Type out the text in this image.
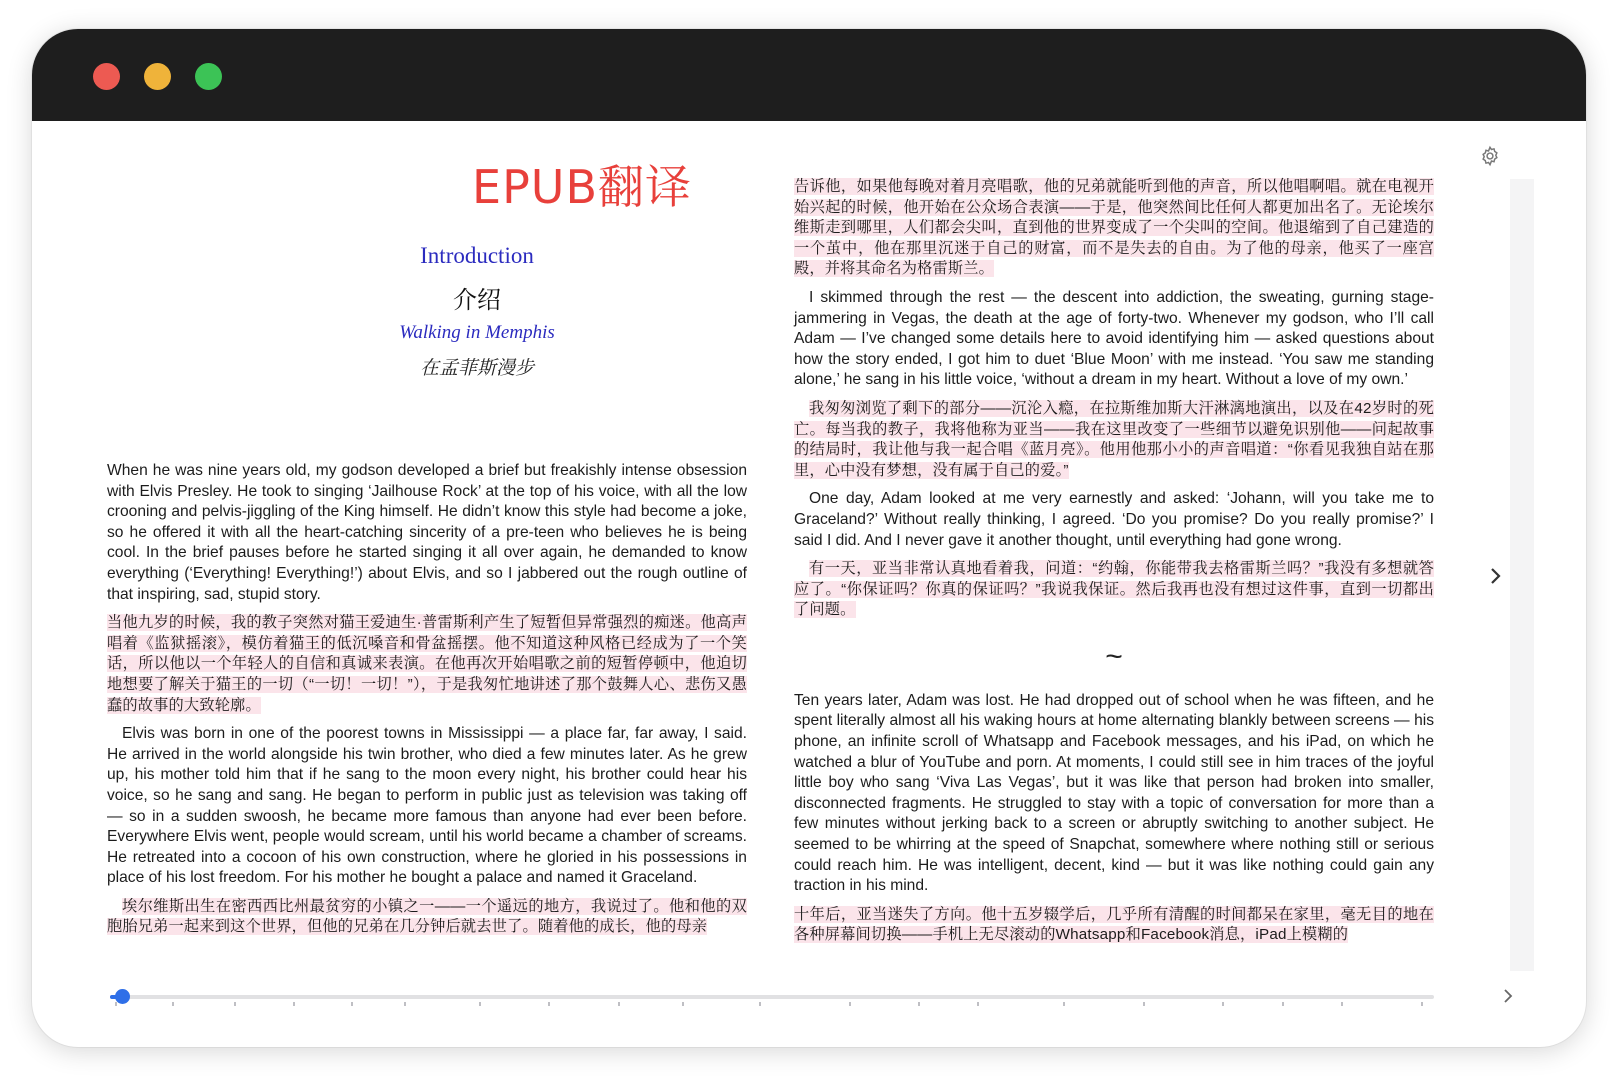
EPUB翻译
Introduction
介绍
Walking in Memphis
在孟菲斯漫步

When he was nine years old, my godson developed a brief but freakishly intense obsession with Elvis Presley. He took to singing ‘Jailhouse Rock’ at the top of his voice, with all the low crooning and pelvis-jiggling of the King himself. He didn’t know this style had become a joke, so he offered it with all the heart-catching sincerity of a pre-teen who believes he is being cool. In the brief pauses before he started singing it all over again, he demanded to know everything (‘Everything! Everything!’) about Elvis, and so I jabbered out the rough outline of that inspiring, sad, stupid story.

当他九岁的时候，我的教子突然对猫王爱迪生·普雷斯利产生了短暂但异常强烈的痴迷。他高声唱着《监狱摇滚》，模仿着猫王的低沉嗓音和骨盆摇摆。他不知道这种风格已经成为了一个笑话，所以他以一个年轻人的自信和真诚来表演。在他再次开始唱歌之前的短暂停顿中，他迫切地想要了解关于猫王的一切（“一切！一切！”），于是我匆忙地讲述了那个鼓舞人心、悲伤又愚蠢的故事的大致轮廓。

Elvis was born in one of the poorest towns in Mississippi — a place far, far away, I said. He arrived in the world alongside his twin brother, who died a few minutes later. As he grew up, his mother told him that if he sang to the moon every night, his brother could hear his voice, so he sang and sang. He began to perform in public just as television was taking off — so in a sudden swoosh, he became more famous than anyone had ever been before. Everywhere Elvis went, people would scream, until his world became a chamber of screams. He retreated into a cocoon of his own construction, where he gloried in his possessions in place of his lost freedom. For his mother he bought a palace and named it Graceland.

埃尔维斯出生在密西西比州最贫穷的小镇之一——一个遥远的地方，我说过了。他和他的双胞胎兄弟一起来到这个世界，但他的兄弟在几分钟后就去世了。随着他的成长，他的母亲

告诉他，如果他每晚对着月亮唱歌，他的兄弟就能听到他的声音，所以他唱啊唱。就在电视开始兴起的时候，他开始在公众场合表演——于是，他突然间比任何人都更加出名了。无论埃尔维斯走到哪里，人们都会尖叫，直到他的世界变成了一个尖叫的空间。他退缩到了自己建造的一个茧中，他在那里沉迷于自己的财富，而不是失去的自由。为了他的母亲，他买了一座宫殿，并将其命名为格雷斯兰。

I skimmed through the rest — the descent into addiction, the sweating, gurning stage-jammering in Vegas, the death at the age of forty-two. Whenever my godson, who I’ll call Adam — I’ve changed some details here to avoid identifying him — asked questions about how the story ended, I got him to duet ‘Blue Moon’ with me instead. ‘You saw me standing alone,’ he sang in his little voice, ‘without a dream in my heart. Without a love of my own.’

我匆匆浏览了剩下的部分——沉沦入瘾，在拉斯维加斯大汗淋漓地演出，以及在42岁时的死亡。每当我的教子，我将他称为亚当——我在这里改变了一些细节以避免识别他——问起故事的结局时，我让他与我一起合唱《蓝月亮》。他用他那小小的声音唱道：“你看见我独自站在那里，心中没有梦想，没有属于自己的爱。”

One day, Adam looked at me very earnestly and asked: ‘Johann, will you take me to Graceland?’ Without really thinking, I agreed. ‘Do you promise? Do you really promise?’ I said I did. And I never gave it another thought, until everything had gone wrong.

有一天，亚当非常认真地看着我，问道：“约翰，你能带我去格雷斯兰吗？”我没有多想就答应了。“你保证吗？你真的保证吗？”我说我保证。然后我再也没有想过这件事，直到一切都出了问题。

~

Ten years later, Adam was lost. He had dropped out of school when he was fifteen, and he spent literally almost all his waking hours at home alternating blankly between screens — his phone, an infinite scroll of Whatsapp and Facebook messages, and his iPad, on which he watched a blur of YouTube and porn. At moments, I could still see in him traces of the joyful little boy who sang ‘Viva Las Vegas’, but it was like that person had broken into smaller, disconnected fragments. He struggled to stay with a topic of conversation for more than a few minutes without jerking back to a screen or abruptly switching to another subject. He seemed to be whirring at the speed of Snapchat, somewhere where nothing still or serious could reach him. He was intelligent, decent, kind — but it was like nothing could gain any traction in his mind.

十年后，亚当迷失了方向。他十五岁辍学后，几乎所有清醒的时间都呆在家里，毫无目的地在各种屏幕间切换——手机上无尽滚动的Whatsapp和Facebook消息，iPad上模糊的
